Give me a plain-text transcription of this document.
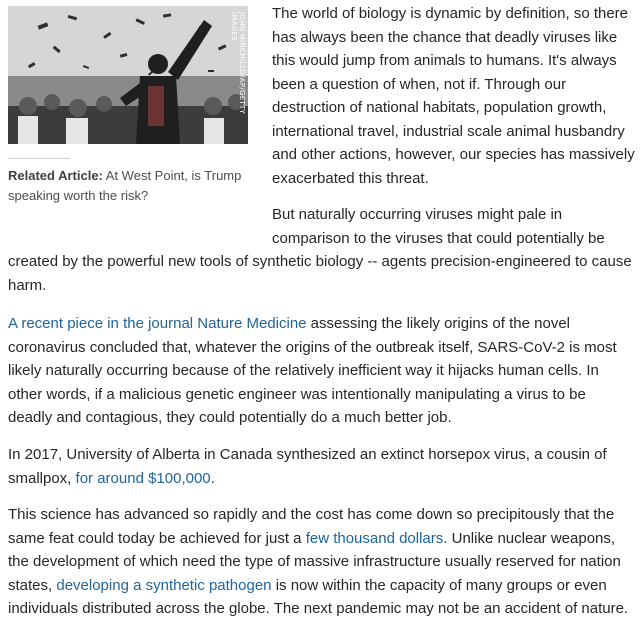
JOHN MINCHILLO/AP/GETTY IMAGES
Related Article: At West Point, is Trump speaking worth the risk?

The world of biology is dynamic by definition, so there has always been the chance that deadly viruses like this would jump from animals to humans. It's always been a question of when, not if. Through our destruction of national habitats, population growth, international travel, industrial scale animal husbandry and other actions, however, our species has massively exacerbated this threat.

But naturally occurring viruses might pale in comparison to the viruses that could potentially be created by the powerful new tools of synthetic biology -- agents precision-engineered to cause harm.

A recent piece in the journal Nature Medicine assessing the likely origins of the novel coronavirus concluded that, whatever the origins of the outbreak itself, SARS-CoV-2 is most likely naturally occurring because of the relatively inefficient way it hijacks human cells. In other words, if a malicious genetic engineer was intentionally manipulating a virus to be deadly and contagious, they could potentially do a much better job.

In 2017, University of Alberta in Canada synthesized an extinct horsepox virus, a cousin of smallpox, for around $100,000.

This science has advanced so rapidly and the cost has come down so precipitously that the same feat could today be achieved for just a few thousand dollars. Unlike nuclear weapons, the development of which need the type of massive infrastructure usually reserved for nation states, developing a synthetic pathogen is now within the capacity of many groups or even individuals distributed across the globe. The next pandemic may not be an accident of nature.
